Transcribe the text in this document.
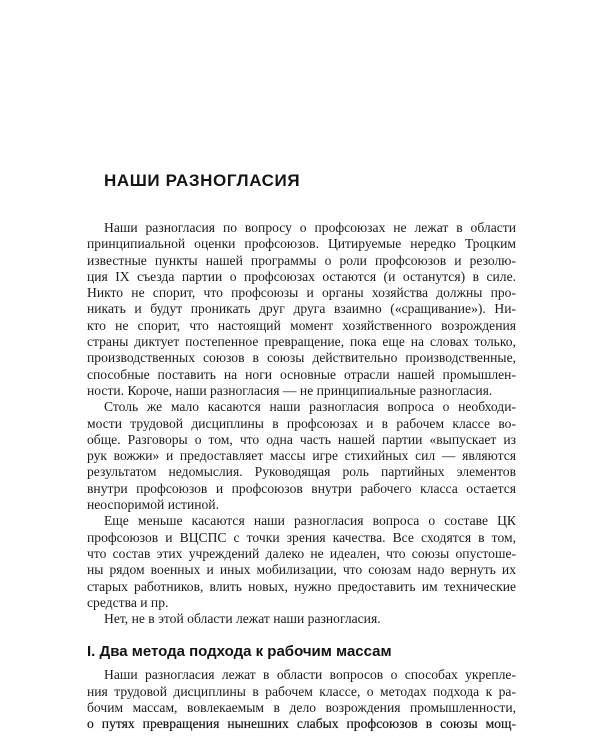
НАШИ РАЗНОГЛАСИЯ
Наши разногласия по вопросу о профсоюзах не лежат в области
принципиальной оценки профсоюзов. Цитируемые нередко Троцким
известные пункты нашей программы о роли профсоюзов и резолю-
ция IX съезда партии о профсоюзах остаются (и останутся) в силе.
Никто не спорит, что профсоюзы и органы хозяйства должны про-
никать и будут проникать друг друга взаимно («сращивание»). Ни-
кто не спорит, что настоящий момент хозяйственного возрождения
страны диктует постепенное превращение, пока еще на словах только,
производственных союзов в союзы действительно производственные,
способные поставить на ноги основные отрасли нашей промышлен-
ности. Короче, наши разногласия — не принципиальные разногласия.
Столь же мало касаются наши разногласия вопроса о необходи-
мости трудовой дисциплины в профсоюзах и в рабочем классе во-
обще. Разговоры о том, что одна часть нашей партии «выпускает из
рук вожжи» и предоставляет массы игре стихийных сил — являются
результатом недомыслия. Руководящая роль партийных элементов
внутри профсоюзов и профсоюзов внутри рабочего класса остается
неоспоримой истиной.
Еще меньше касаются наши разногласия вопроса о составе ЦК
профсоюзов и ВЦСПС с точки зрения качества. Все сходятся в том,
что состав этих учреждений далеко не идеален, что союзы опустоше-
ны рядом военных и иных мобилизации, что союзам надо вернуть их
старых работников, влить новых, нужно предоставить им технические
средства и пр.
Нет, не в этой области лежат наши разногласия.
I. Два метода подхода к рабочим массам
Наши разногласия лежат в области вопросов о способах укрепле-
ния трудовой дисциплины в рабочем классе, о методах подхода к ра-
бочим массам, вовлекаемым в дело возрождения промышленности,
о путях превращения нынешних слабых профсоюзов в союзы мощ-
